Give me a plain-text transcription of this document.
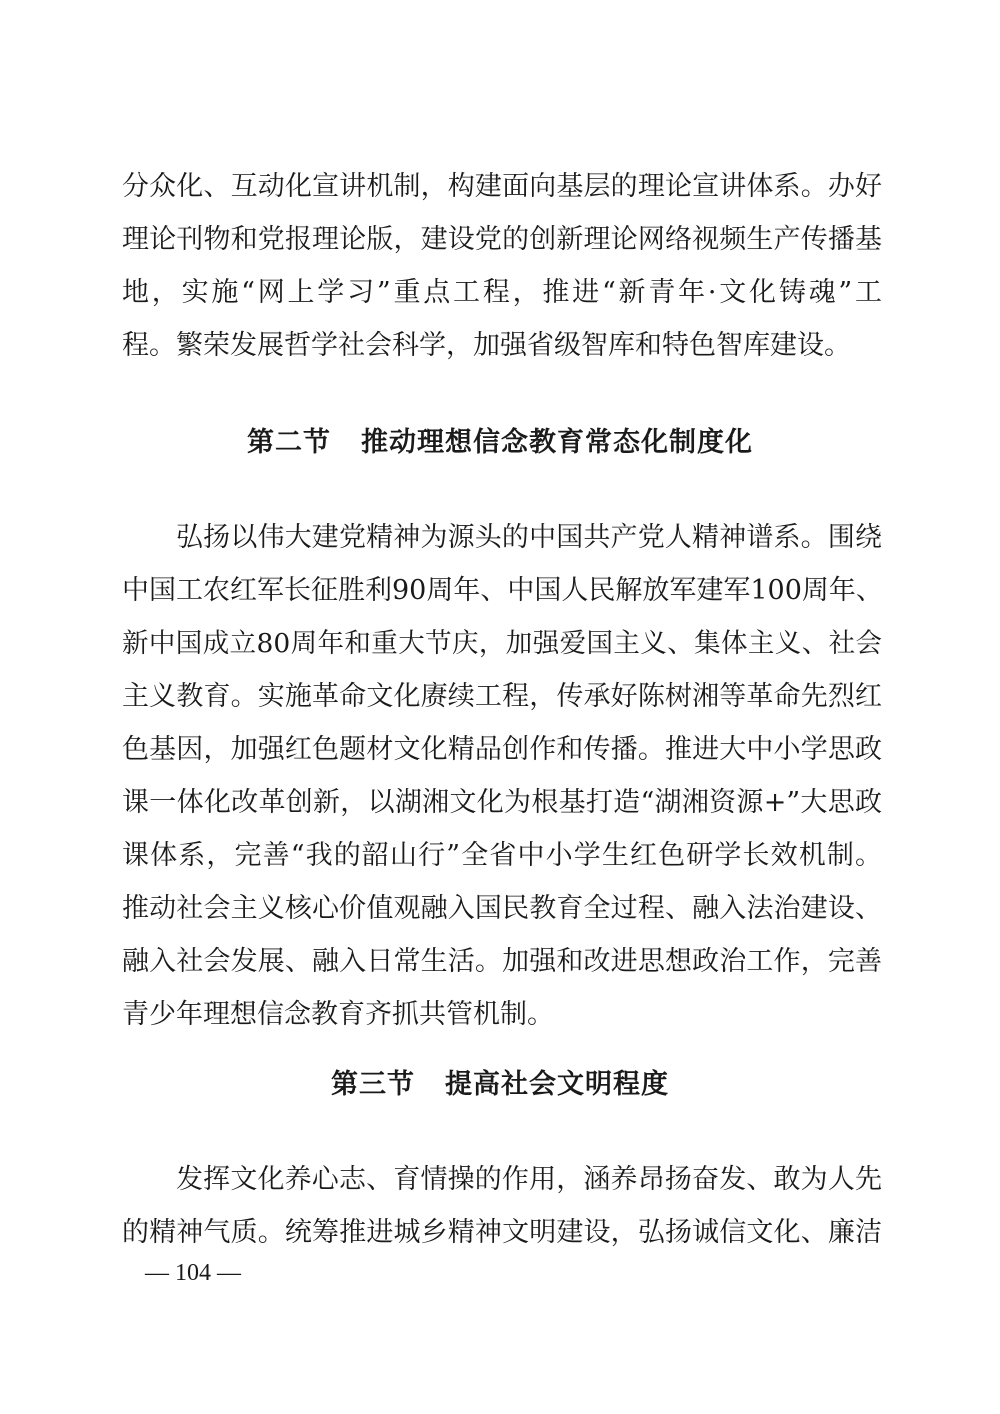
分众化、互动化宣讲机制，构建面向基层的理论宣讲体系。办好
理论刊物和党报理论版，建设党的创新理论网络视频生产传播基
地，实施“网上学习”重点工程，推进“新青年·文化铸魂”工
程。繁荣发展哲学社会科学，加强省级智库和特色智库建设。
第二节 推动理想信念教育常态化制度化
弘扬以伟大建党精神为源头的中国共产党人精神谱系。围绕
中国工农红军长征胜利90周年、中国人民解放军建军100周年、
新中国成立80周年和重大节庆，加强爱国主义、集体主义、社会
主义教育。实施革命文化赓续工程，传承好陈树湘等革命先烈红
色基因，加强红色题材文化精品创作和传播。推进大中小学思政
课一体化改革创新，以湖湘文化为根基打造“湖湘资源+”大思政
课体系，完善“我的韶山行”全省中小学生红色研学长效机制。
推动社会主义核心价值观融入国民教育全过程、融入法治建设、
融入社会发展、融入日常生活。加强和改进思想政治工作，完善
青少年理想信念教育齐抓共管机制。
第三节 提高社会文明程度
发挥文化养心志、育情操的作用，涵养昂扬奋发、敢为人先
的精神气质。统筹推进城乡精神文明建设，弘扬诚信文化、廉洁
— 104 —
